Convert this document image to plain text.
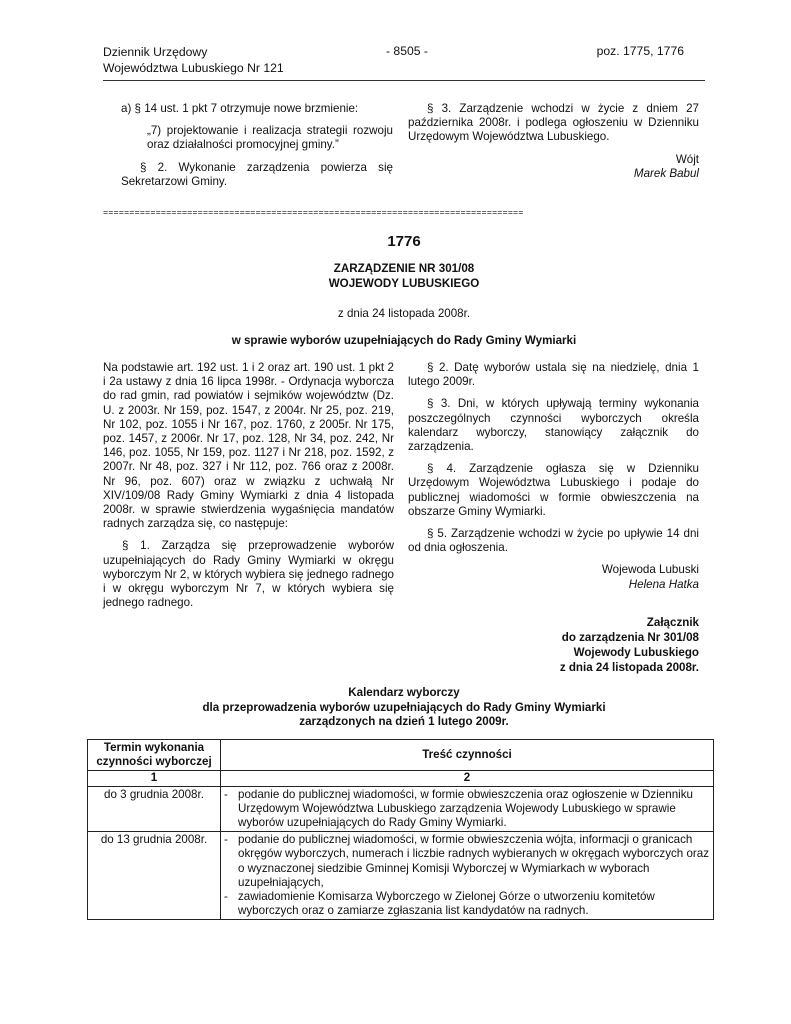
Dziennik Urzędowy
Województwa Lubuskiego Nr 121
- 8505 -	poz. 1775, 1776

a) § 14 ust. 1 pkt 7 otrzymuje nowe brzmienie:

„7) projektowanie i realizacja strategii rozwoju oraz działalności promocyjnej gminy.”

§ 2. Wykonanie zarządzenia powierza się Sekretarzowi Gminy.

§ 3. Zarządzenie wchodzi w życie z dniem 27 października 2008r. i podlega ogłoszeniu w Dzienniku Urzędowym Województwa Lubuskiego.

Wójt
Marek Babul
================================================================================
1776
ZARZĄDZENIE NR 301/08
WOJEWODY LUBUSKIEGO
z dnia 24 listopada 2008r.
w sprawie wyborów uzupełniających do Rady Gminy Wymiarki

Na podstawie art. 192 ust. 1 i 2 oraz art. 190 ust. 1 pkt 2 i 2a ustawy z dnia 16 lipca 1998r. - Ordynacja wyborcza do rad gmin, rad powiatów i sejmików województw (Dz. U. z 2003r. Nr 159, poz. 1547, z 2004r. Nr 25, poz. 219, Nr 102, poz. 1055 i Nr 167, poz. 1760, z 2005r. Nr 175, poz. 1457, z 2006r. Nr 17, poz. 128, Nr 34, poz. 242, Nr 146, poz. 1055, Nr 159, poz. 1127 i Nr 218, poz. 1592, z 2007r. Nr 48, poz. 327 i Nr 112, poz. 766 oraz z 2008r. Nr 96, poz. 607) oraz w związku z uchwałą Nr XIV/109/08 Rady Gminy Wymiarki z dnia 4 listopada 2008r. w sprawie stwierdzenia wygaśnięcia mandatów radnych zarządza się, co następuje:

§ 1. Zarządza się przeprowadzenie wyborów uzupełniających do Rady Gminy Wymiarki w okręgu wyborczym Nr 2, w których wybiera się jednego radnego i w okręgu wyborczym Nr 7, w których wybiera się jednego radnego.

§ 2. Datę wyborów ustala się na niedzielę, dnia 1 lutego 2009r.

§ 3. Dni, w których upływają terminy wykonania poszczególnych czynności wyborczych określa kalendarz wyborczy, stanowiący załącznik do zarządzenia.

§ 4. Zarządzenie ogłasza się w Dzienniku Urzędowym Województwa Lubuskiego i podaje do publicznej wiadomości w formie obwieszczenia na obszarze Gminy Wymiarki.

§ 5. Zarządzenie wchodzi w życie po upływie 14 dni od dnia ogłoszenia.

Wojewoda Lubuski
Helena Hatka
Załącznik
do zarządzenia Nr 301/08
Wojewody Lubuskiego
z dnia 24 listopada 2008r.
Kalendarz wyborczy
dla przeprowadzenia wyborów uzupełniających do Rady Gminy Wymiarki
zarządzonych na dzień 1 lutego 2009r.
Termin wykonania czynności wyborczej	Treść czynności
1	2
do 3 grudnia 2008r.	- podanie do publicznej wiadomości, w formie obwieszczenia oraz ogłoszenie w Dzienniku Urzędowym Województwa Lubuskiego zarządzenia Wojewody Lubuskiego w sprawie wyborów uzupełniających do Rady Gminy Wymiarki.

do 13 grudnia 2008r.	- podanie do publicznej wiadomości, w formie obwieszczenia wójta, informacji o granicach okręgów wyborczych, numerach i liczbie radnych wybieranych w okręgach wyborczych oraz o wyznaczonej siedzibie Gminnej Komisji Wyborczej w Wymiarkach w wyborach uzupełniających,
- zawiadomienie Komisarza Wyborczego w Zielonej Górze o utworzeniu komitetów wyborczych oraz o zamiarze zgłaszania list kandydatów na radnych.
